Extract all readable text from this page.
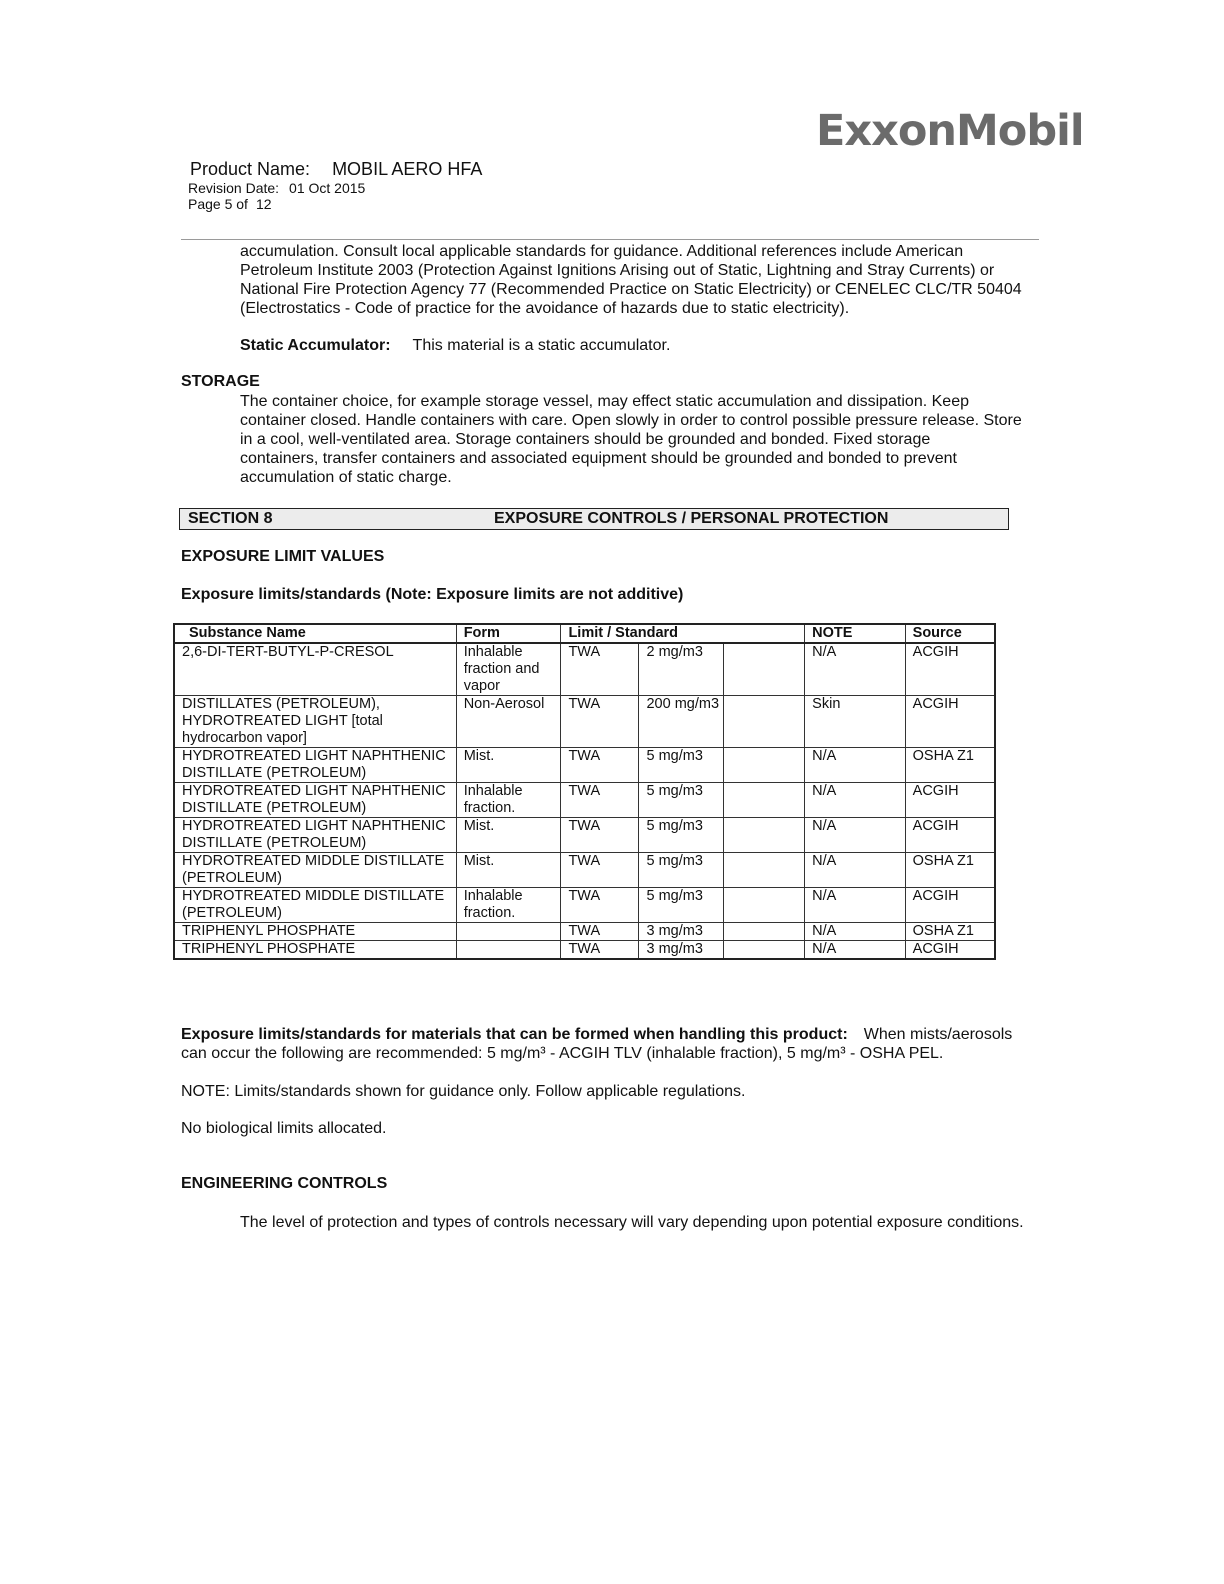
ExxonMobil
Product Name: MOBIL AERO HFA
Revision Date: 01 Oct 2015
Page 5 of 12
accumulation. Consult local applicable standards for guidance. Additional references include American
Petroleum Institute 2003 (Protection Against Ignitions Arising out of Static, Lightning and Stray Currents) or
National Fire Protection Agency 77 (Recommended Practice on Static Electricity) or CENELEC CLC/TR 50404
(Electrostatics - Code of practice for the avoidance of hazards due to static electricity).
Static Accumulator: This material is a static accumulator.
STORAGE
The container choice, for example storage vessel, may effect static accumulation and dissipation. Keep
container closed. Handle containers with care. Open slowly in order to control possible pressure release. Store
in a cool, well-ventilated area. Storage containers should be grounded and bonded. Fixed storage
containers, transfer containers and associated equipment should be grounded and bonded to prevent
accumulation of static charge.
SECTION 8	EXPOSURE CONTROLS / PERSONAL PROTECTION
EXPOSURE LIMIT VALUES
Exposure limits/standards (Note: Exposure limits are not additive)
Substance Name	Form	Limit / Standard			NOTE	Source
2,6-DI-TERT-BUTYL-P-CRESOL	Inhalable fraction and vapor	TWA	2 mg/m3		N/A	ACGIH
DISTILLATES (PETROLEUM), HYDROTREATED LIGHT [total hydrocarbon vapor]	Non-Aerosol	TWA	200 mg/m3		Skin	ACGIH
HYDROTREATED LIGHT NAPHTHENIC DISTILLATE (PETROLEUM)	Mist.	TWA	5 mg/m3		N/A	OSHA Z1
HYDROTREATED LIGHT NAPHTHENIC DISTILLATE (PETROLEUM)	Inhalable fraction.	TWA	5 mg/m3		N/A	ACGIH
HYDROTREATED LIGHT NAPHTHENIC DISTILLATE (PETROLEUM)	Mist.	TWA	5 mg/m3		N/A	ACGIH
HYDROTREATED MIDDLE DISTILLATE (PETROLEUM)	Mist.	TWA	5 mg/m3		N/A	OSHA Z1
HYDROTREATED MIDDLE DISTILLATE (PETROLEUM)	Inhalable fraction.	TWA	5 mg/m3		N/A	ACGIH
TRIPHENYL PHOSPHATE		TWA	3 mg/m3		N/A	OSHA Z1
TRIPHENYL PHOSPHATE		TWA	3 mg/m3		N/A	ACGIH
Exposure limits/standards for materials that can be formed when handling this product: When mists/aerosols
can occur the following are recommended: 5 mg/m³ - ACGIH TLV (inhalable fraction), 5 mg/m³ - OSHA PEL.
NOTE: Limits/standards shown for guidance only. Follow applicable regulations.
No biological limits allocated.
ENGINEERING CONTROLS
The level of protection and types of controls necessary will vary depending upon potential exposure conditions.
